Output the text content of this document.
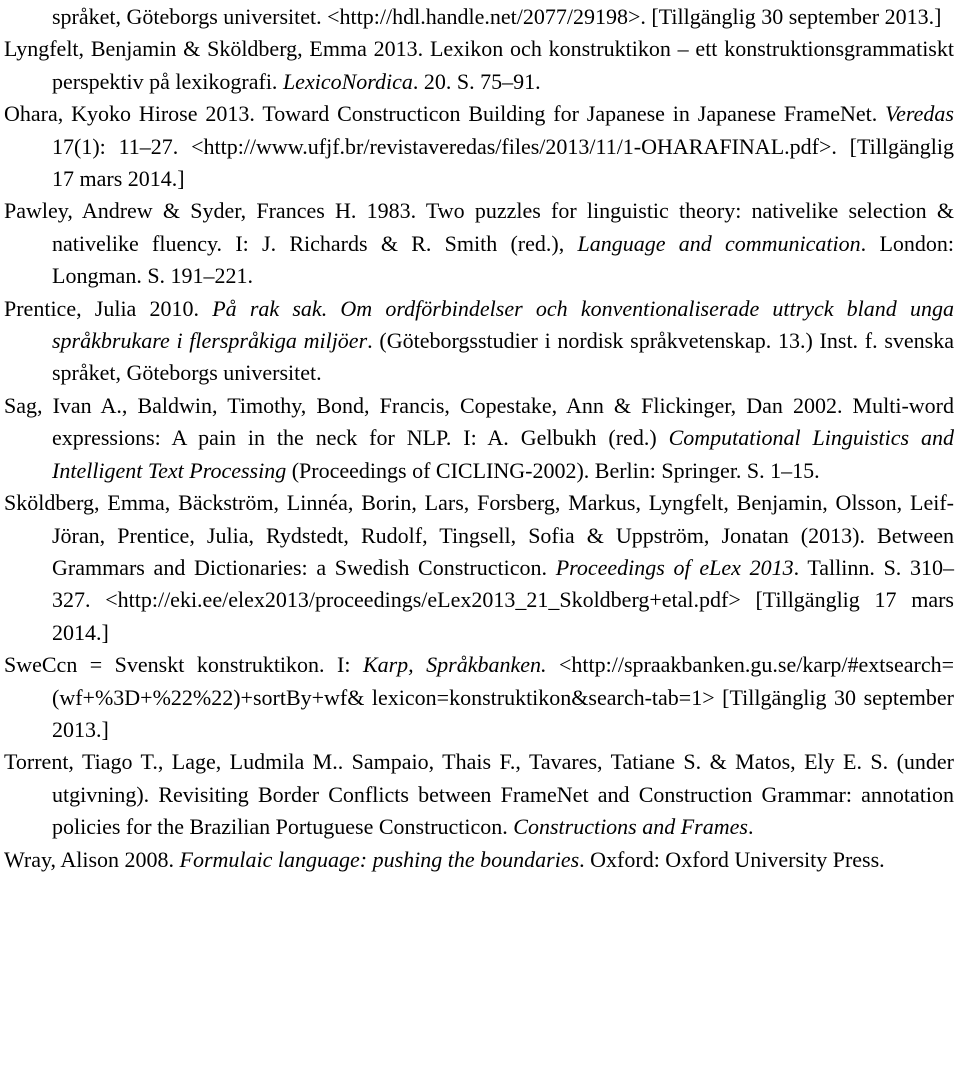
språket, Göteborgs universitet. <http://hdl.handle.net/2077/29198>. [Tillgänglig 30 september 2013.]

Lyngfelt, Benjamin & Sköldberg, Emma 2013. Lexikon och konstruktikon – ett konstruktionsgrammatiskt perspektiv på lexikografi. LexicoNordica. 20. S. 75–91.

Ohara, Kyoko Hirose 2013. Toward Constructicon Building for Japanese in Japanese FrameNet. Veredas 17(1): 11–27. <http://www.ufjf.br/revistaveredas/files/2013/11/1-OHARAFINAL.pdf>. [Tillgänglig 17 mars 2014.]

Pawley, Andrew & Syder, Frances H. 1983. Two puzzles for linguistic theory: nativelike selection & nativelike fluency. I: J. Richards & R. Smith (red.), Language and communication. London: Longman. S. 191–221.

Prentice, Julia 2010. På rak sak. Om ordförbindelser och konventionaliserade uttryck bland unga språkbrukare i flerspråkiga miljöer. (Göteborgsstudier i nordisk språkvetenskap. 13.) Inst. f. svenska språket, Göteborgs universitet.

Sag, Ivan A., Baldwin, Timothy, Bond, Francis, Copestake, Ann & Flickinger, Dan 2002. Multi-word expressions: A pain in the neck for NLP. I: A. Gelbukh (red.) Computational Linguistics and Intelligent Text Processing (Proceedings of CICLING-2002). Berlin: Springer. S. 1–15.

Sköldberg, Emma, Bäckström, Linnéa, Borin, Lars, Forsberg, Markus, Lyngfelt, Benjamin, Olsson, Leif-Jöran, Prentice, Julia, Rydstedt, Rudolf, Tingsell, Sofia & Uppström, Jonatan (2013). Between Grammars and Dictionaries: a Swedish Constructicon. Proceedings of eLex 2013. Tallinn. S. 310–327. <http://eki.ee/elex2013/proceedings/eLex2013_21_Skoldberg+etal.pdf> [Tillgänglig 17 mars 2014.]

SweCcn = Svenskt konstruktikon. I: Karp, Språkbanken. <http://spraakbanken.gu.se/karp/#extsearch=(wf+%3D+%22%22)+sortBy+wf& lexicon=konstruktikon&search-tab=1> [Tillgänglig 30 september 2013.]

Torrent, Tiago T., Lage, Ludmila M.. Sampaio, Thais F., Tavares, Tatiane S. & Matos, Ely E. S. (under utgivning). Revisiting Border Conflicts between FrameNet and Construction Grammar: annotation policies for the Brazilian Portuguese Constructicon. Constructions and Frames.

Wray, Alison 2008. Formulaic language: pushing the boundaries. Oxford: Oxford University Press.
